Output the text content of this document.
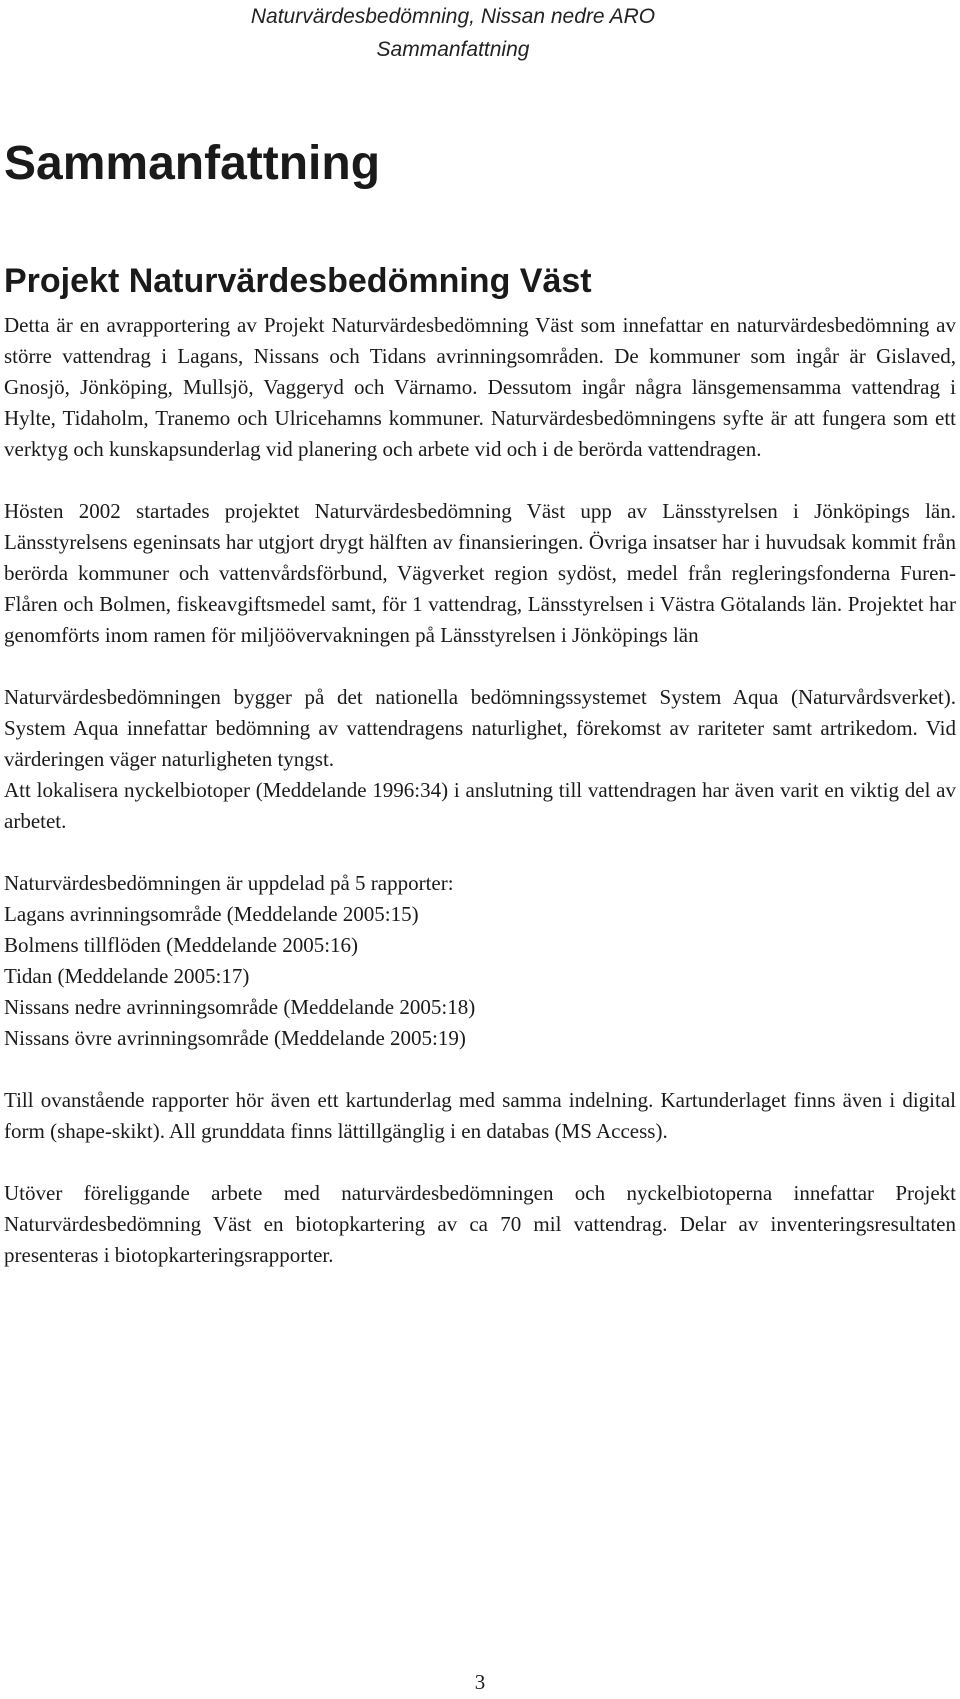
Naturvärdesbedömning, Nissan nedre ARO
Sammanfattning
Sammanfattning
Projekt Naturvärdesbedömning Väst

Detta är en avrapportering av Projekt Naturvärdesbedömning Väst som innefattar en naturvärdesbedömning av större vattendrag i Lagans, Nissans och Tidans avrinningsområden. De kommuner som ingår är Gislaved, Gnosjö, Jönköping, Mullsjö, Vaggeryd och Värnamo. Dessutom ingår några länsgemensamma vattendrag i Hylte, Tidaholm, Tranemo och Ulricehamns kommuner. Naturvärdesbedömningens syfte är att fungera som ett verktyg och kunskapsunderlag vid planering och arbete vid och i de berörda vattendragen.

Hösten 2002 startades projektet Naturvärdesbedömning Väst upp av Länsstyrelsen i Jönköpings län. Länsstyrelsens egeninsats har utgjort drygt hälften av finansieringen. Övriga insatser har i huvudsak kommit från berörda kommuner och vattenvårdsförbund, Vägverket region sydöst, medel från regleringsfonderna Furen-Flåren och Bolmen, fiskeavgiftsmedel samt, för 1 vattendrag, Länsstyrelsen i Västra Götalands län. Projektet har genomförts inom ramen för miljöövervakningen på Länsstyrelsen i Jönköpings län

Naturvärdesbedömningen bygger på det nationella bedömningssystemet System Aqua (Naturvårdsverket). System Aqua innefattar bedömning av vattendragens naturlighet, förekomst av rariteter samt artrikedom. Vid värderingen väger naturligheten tyngst.

Att lokalisera nyckelbiotoper (Meddelande 1996:34) i anslutning till vattendragen har även varit en viktig del av arbetet.

Naturvärdesbedömningen är uppdelad på 5 rapporter:
Lagans avrinningsområde (Meddelande 2005:15)
Bolmens tillflöden (Meddelande 2005:16)
Tidan (Meddelande 2005:17)
Nissans nedre avrinningsområde (Meddelande 2005:18)
Nissans övre avrinningsområde (Meddelande 2005:19)

Till ovanstående rapporter hör även ett kartunderlag med samma indelning. Kartunderlaget finns även i digital form (shape-skikt). All grunddata finns lättillgänglig i en databas (MS Access).

Utöver föreliggande arbete med naturvärdesbedömningen och nyckelbiotoperna innefattar Projekt Naturvärdesbedömning Väst en biotopkartering av ca 70 mil vattendrag. Delar av inventeringsresultaten presenteras i biotopkarteringsrapporter.

3
